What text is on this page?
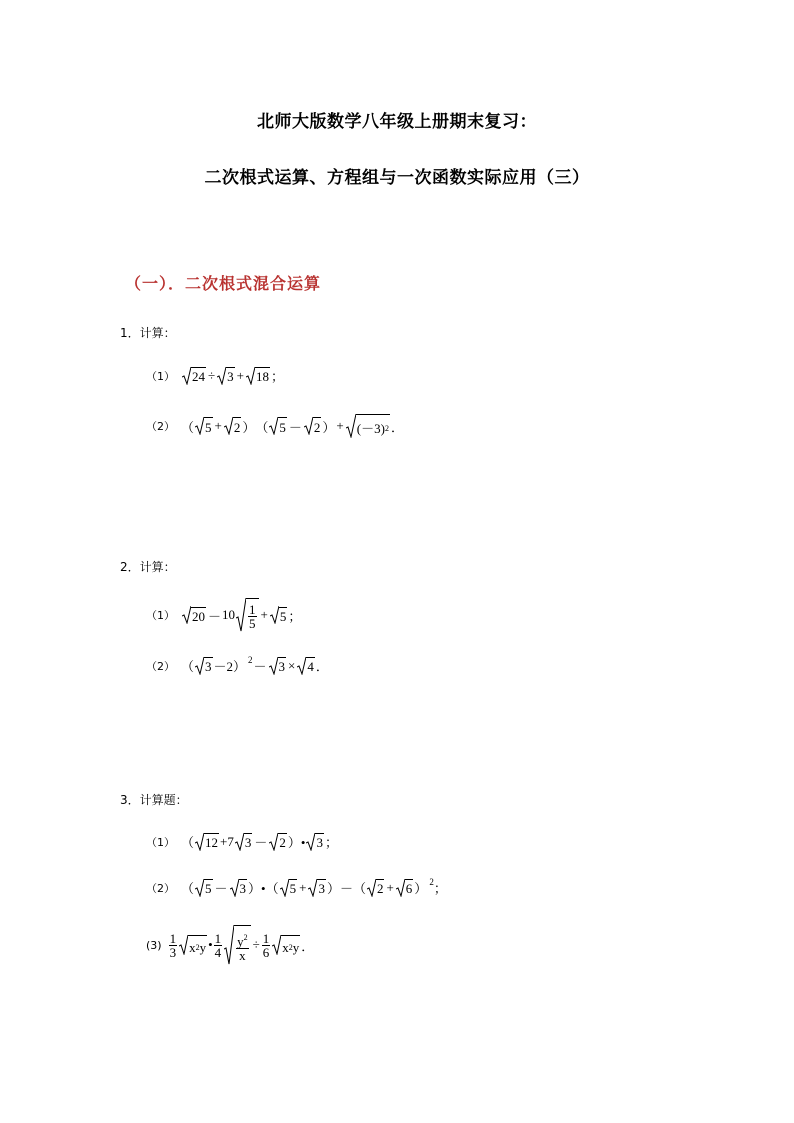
北师大版数学八年级上册期末复习：
二次根式运算、方程组与一次函数实际应用（三）
（一）．二次根式混合运算
1．计算：
（1） 24 ÷ 3 + 18 ；
（2） （ 5 + 2 ） （ 5 － 2 ） + (－3) 2 ．
2．计算：
（1） $20 - 10 \frac{1}{5} + 5$ ；
（2） （ 3 －2） 2 － 3 × 4 ．
3．计算题：
（1） （ 12 +7 3 － 2 ）• 3 ；
（2） （ 5 － 3 ）•（ 5 + 3 ）－（ 2 + 6 ） 2 ；
$(3) \frac{1}{3}$ x 2 y • $\frac{1}{4} \frac{y^2}{x} \div \frac{1}{6}$ x 2 y ．
